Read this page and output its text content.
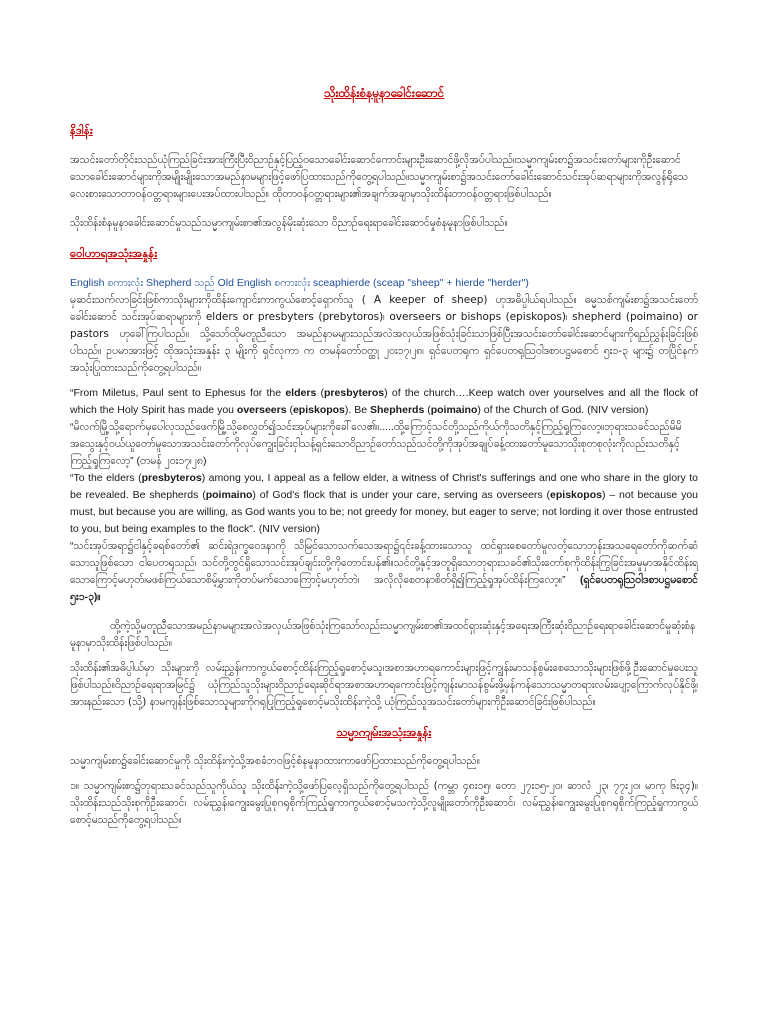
သိုးထိန်းစံနမူနာခေါင်းဆောင်
နိဒါန်း

အသင်းတော်တိုင်းသည်ယုံကြည်ခြင်းအားကြီးပြီးဝိညာဉ်နှင့်ပြည့်ဝသောခေါင်းဆောင်ကောင်းများဦးဆောင်ဖို့လိုအပ်ပါသည်။သမ္မာကျမ်းစာ၌အသင်းတော်များကိုဦးဆောင်သောခေါင်းဆောင်များကိုအမျိုးမျိုးသောအမည်နာမများဖြင့်ဖော်ပြထားသည်ကိုတွေ့ရပါသည်။သမ္မာကျမ်းစာ၌အသင်းတော်ခေါင်းဆောင်သင်းအုပ်ဆရာများကိုအလွန်ရိုသေလေးစားသောတာဝန်ဝတ္တရားများပေးအပ်ထားပါသည်။ ထိုတာဝန်ဝတ္တရားများ၏အချက်အချာမှာသိုးထိန်းတာဝန်ဝတ္တရားဖြစ်ပါသည်။

သိုးထိန်းစံနမူနာခေါင်းဆောင်မှုသည်သမ္မာကျမ်းစာ၏အလွန်မိုးဆုံးသော ဝိညာဉ်ရေးရာခေါင်းဆောင်မှုစံနမူနာဖြစ်ပါသည်။

ဝေါဟာရအသုံးအနှုန်း

English စကားလုံး Shepherd သည် Old English စကားလုံး sceaphierde (sceap "sheep" + hierde "herder")
မှဆင်းသက်လာခြင်းဖြစ်ကာသိုးများကိုထိန်းကျောင်းကာကွယ်စောင့်ရှောက်သူ ( A keeper of sheep) ဟုအဓိပ္ပါယ်ရပါသည်။ ဓမ္မသစ်ကျမ်းစာ၌အသင်းတော်ခေါင်းဆောင် သင်းအုပ်ဆရာများကို elders or presbyters (prebytoros)၊ overseers or bishops (episkopos)၊ shepherd (poimaino) or pastors ဟုခေါ်ကြပါသည်။ သို့သော်ထိုမတူညီသော အမည်နာမများသည်အလဲအလှယ်အဖြစ်သုံးခြင်းသာဖြစ်ပြီးအသင်းတော်ခေါင်းဆောင်များကိုရည်ညွှန်းခြင်းဖြစ်ပါသည်။ ဥပမာအားဖြင့် ထိုအသုံးအနှုန်း ၃ မျိုးကို ရှင်လုကာ က တမန်တော်ဝတ္ထု ၂၀း၁၇၊၂၈၊ ရှင်ပေတရုက ရှင်ပေတရုဩဝါဒစာပဋ္ဌမစောင် ၅း၁-၃ များ၌ တပြိုင်နက်အသုံးပြုထားသည်ကိုတွေ့ရပါသည်။

“From Miletus, Paul sent to Ephesus for the elders (presbyteros) of the church….Keep watch over yourselves and all the flock of which the Holy Spirit has made you overseers (episkopos). Be Shepherds (poimaino) of the Church of God. (NIV version)
“မိလက်မြို့သို့ရောက်မှပေါလုသည်ဖေက်မြို့သို့စေလွှတ်၍သင်းအုပ်များကိုခေါ်လေ၏။.....ထို့ကြောင့်သင်တို့သည်ကိုယ်ကိုသတိနှင့်ကြည့်ရှုကြလော့။ဘုရားသခင်သည်မိမိအသွေးနှင့်ဝယ်ယူတော်မူသောအသင်းတော်ကိုလုပ်ကျွေးခြင်းငှါသန့်ရှင်းသောဝိညာဉ်တော်သည်သင်တို့ကိုအုပ်အချုပ်ခန့်ထားတော်မူသောသိုးစုတစုလုံးကိုလည်းသတိနှင့် ကြည့်ရှုကြလော့” (တမန် ၂၀း၁၇၊၂၈)
“To the elders (presbyteros) among you, I appeal as a fellow elder, a witness of Christ's sufferings and one who share in the glory to be revealed. Be shepherds (poimaino) of God's flock that is under your care, serving as overseers (episkopos) – not because you must, but because you are willing, as God wants you to be; not greedy for money, but eager to serve; not lording it over those entrusted to you, but being examples to the flock". (NIV version)
“သင်းအုပ်အရာ၌ငါနှင့်ခရစ်တော်၏ ဆင်းရဲဒုက္ခဝေဒနာကို သိမြင်သောသက်သေအရာ၌၎င်းခန့်ထားသောသူ ထင်ရှားစေတော်မူလတ့်သောဘုန်းအသရေတော်ကိုဆက်ဆံသောသူဖြစ်သော ငါပေတရုသည်၊ သင်တို့တွင်ရှိသောသင်းအုပ်ချင်းတို့ကိုတောင်းပန်၏။သင်တို့နှင့်အတူရှိသောဘုရားသခင်၏သိုးတော်စုကိုထိန်းကြွခြင်းအမှုမှာအနိုင်ထိန်းရသောကြောင့်မဟုတ်၊မဖစ်ကြယ်သောစိမ့်မွှားကိုတပ်မက်သောကြောင့်မဟုတ်ဘဲ၊ အလိုလိုစေတနာစိတ်ရှိ၍ကြည့်ရှုအုပ်ထိန်းကြလော့။” (ရှင်ပေတရုဩဝါဒစာပဋ္ဌမစောင် ၅း၁-၃)။

ထို့ကဲ့သို့မတူညီသောအမည်နာမများအလဲအလှယ်အဖြစ်သုံးကြသော်လည်းသမ္မာကျမ်းစာ၏အထင်ရှားဆုံးနှင့်အရေးအကြီးဆုံးဝိညာဉ်ရေးရာခေါင်းဆောင်မှုဆုံးစံနမူနာမှာသိုးထိန်းဖြစ်ပါသည်။

သိုးထိန်း၏အဓိပ္ပါယ်မှာ သိုးများကို လမ်းညွှန်၊ကာကွယ်စောင့်ထိန်းကြည့်ရှုစောင့်မသူ၊အစာအဟာရကောင်းများဖြင့်ကျွန်းမာသန်စွမ်းစေသောသိုးများဖြစ်ဖို့ဦးဆောင်မှုပေးသူဖြစ်ပါသည်။ဝိညာဉ်ရေးရာအမြင်၌ ယုံကြည်သူသိုးများဝိညာဉ်ရေးဆိုင်ရာအစာအဟာရကောင်းဖြင့်ကျန်းမာသန်စွမ်းဖို့မှန်ကန်သောသမ္မာတရားလမ်းပျော့ကြောက်လုပ်နိုင်ဖို့၊ အားနည်းသော (သို့) နာမကျန်းဖြစ်သောသူများကိုဂရုပြုကြည့်ရှုစောင့်မသိုးထိန်းကဲ့သို့ ယုံကြည်သူအသင်းတော်များကိုဦးဆောင်ခြင်းဖြစ်ပါသည်။

သမ္မာကျမ်းအသုံးအနှုန်း

သမ္မာကျမ်းစာ၌ခေါင်းဆောင်မှုကို သိုးထိန်းကဲ့သို့အစခံဘဝဖြင့်စံနမူနာထားကာဖော်ပြထားသည်ကိုတွေ့ရပါသည်။

၁။ သမ္မာကျမ်းစာ၌ဘုရားသခင်သည်သူကိုယ်သူ သိုးထိန်းကဲ့သို့ဖော်ပြလေ့ရှိသည်ကိုတွေ့ရပါသည် (ကမ္ဘာ ၄၈း၁၅၊ တော ၂၇း၁၅-၂၀၊ ဆာလံ ၂၃၊ ၇၇း၂၀၊ မာကု ၆း၃၄)။ သိုးထိန်းသည်သိုးစုကိုဦးဆောင်၊ လမ်းညွှန်၊ကျွေးမွေးပြုစုဂရုစိုက်ကြည့်ရှုကာကွယ်စောင့်မသကဲ့သို့လူမျိုးတော်ကိုဦးဆောင်၊ လမ်းညွှန်၊ကျွေးမွေးပြုစုဂရုစိုက်ကြည့်ရှုကာကွယ်စောင့်မသည်ကိုတွေ့ရပါသည်။
